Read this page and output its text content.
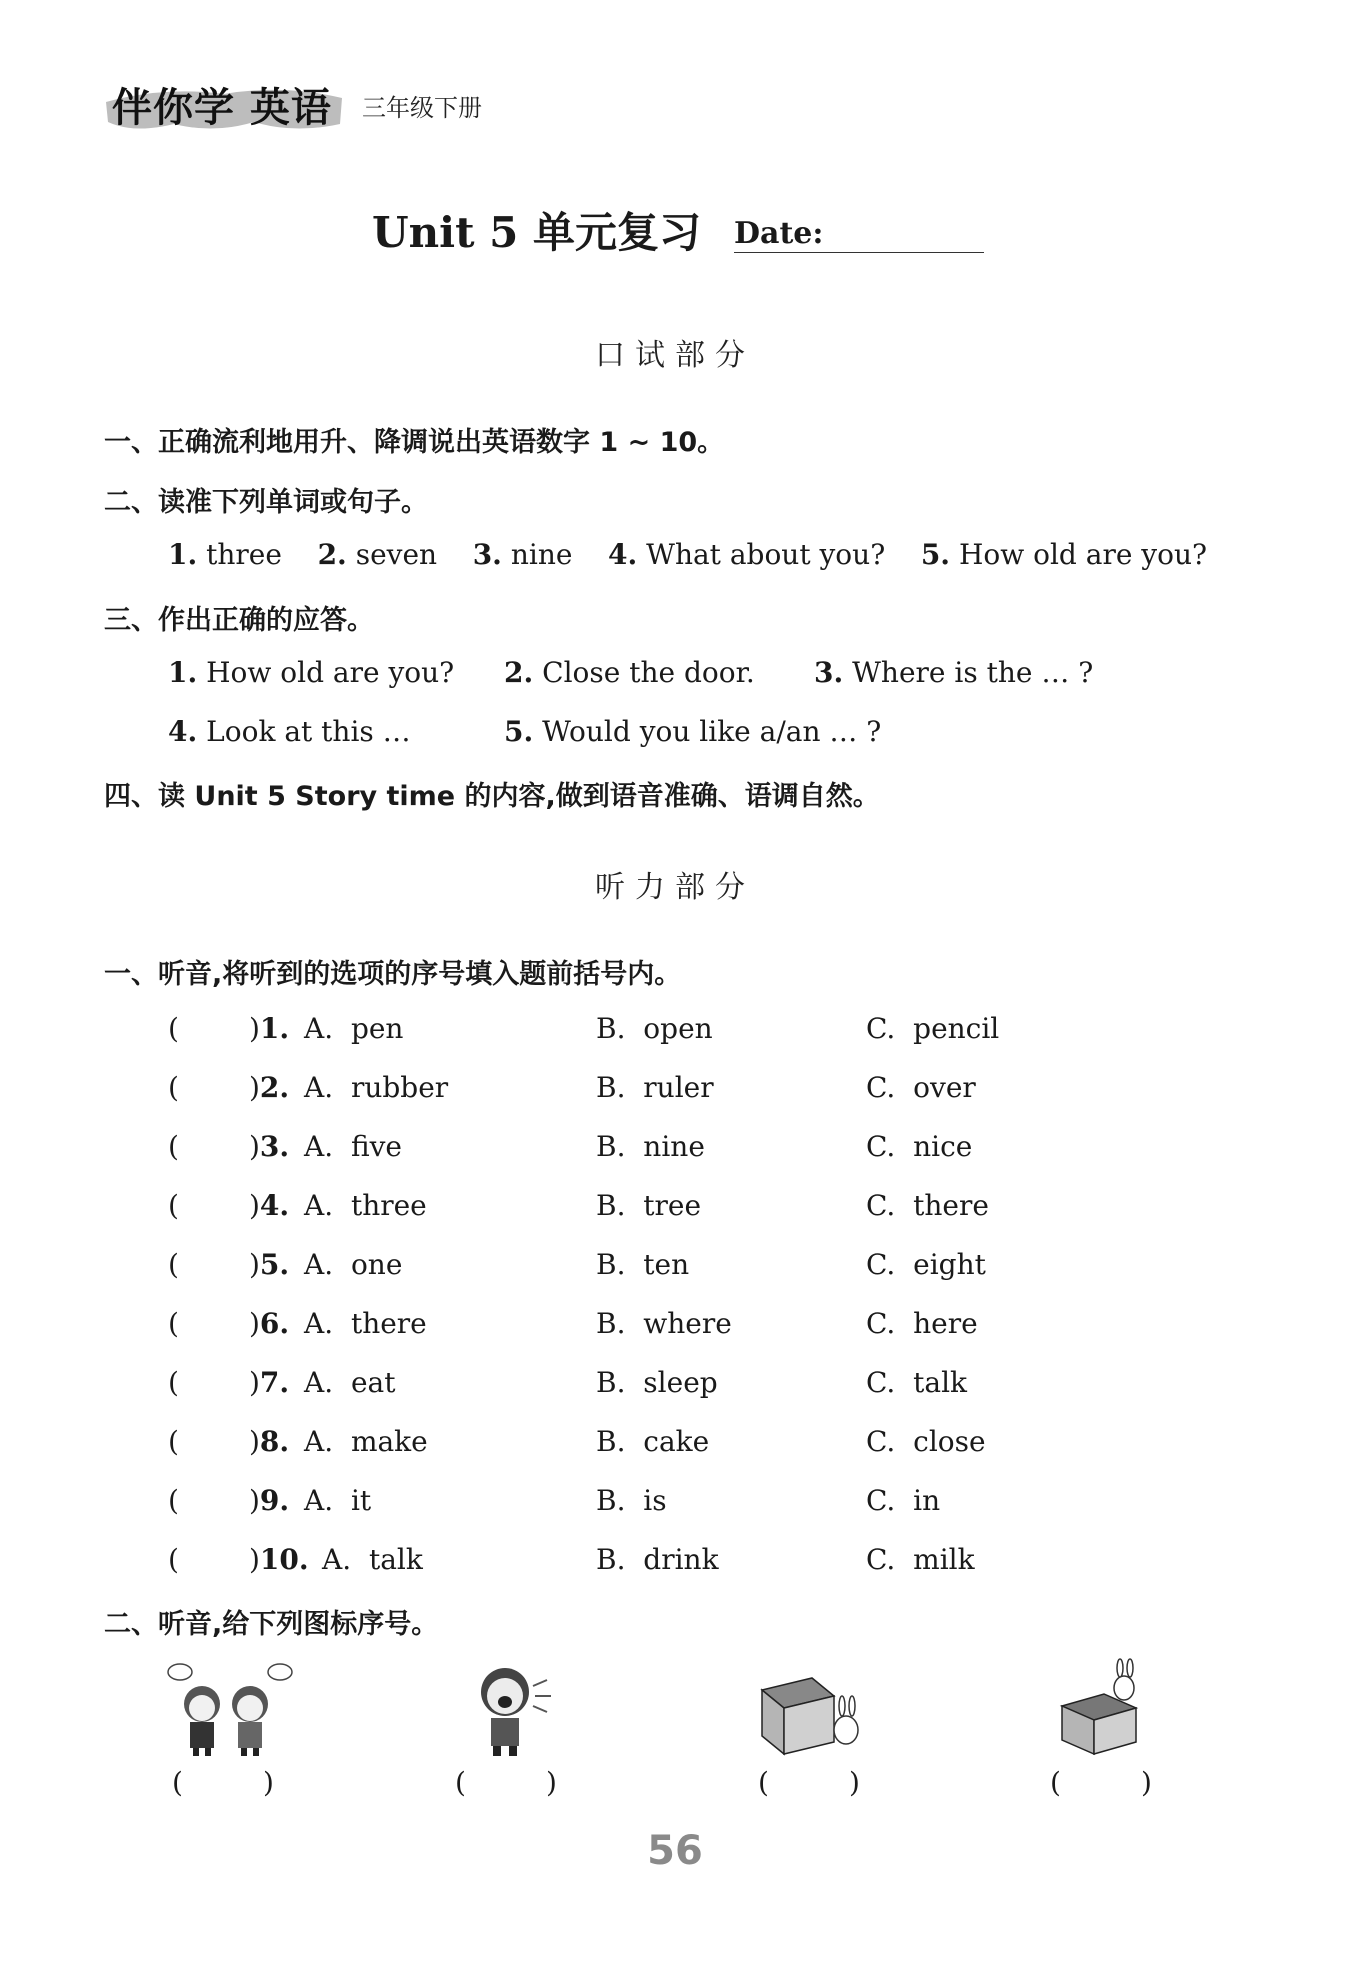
伴你学 英语 三年级下册
Unit 5 单元复习 Date:
口试部分
一、正确流利地用升、降调说出英语数字 1 ~ 10。
二、读准下列单词或句子。
1. three 2. seven 3. nine 4. What about you? 5. How old are you?
三、作出正确的应答。
1. How old are you? 2. Close the door. 3. Where is the … ?
4. Look at this …	5. Would you like a/an … ?
四、读 Unit 5 Story time 的内容,做到语音准确、语调自然。
听力部分
一、听音,将听到的选项的序号填入题前括号内。
(	)1. A. pen	B. open	C. pencil
(	)2. A. rubber	B. ruler	C. over
(	)3. A. five	B. nine	C. nice
(	)4. A. three	B. tree	C. there
(	)5. A. one	B. ten	C. eight
(	)6. A. there	B. where	C. here
(	)7. A. eat	B. sleep	C. talk
(	)8. A. make	B. cake	C. close
(	)9. A. it	B. is	C. in
(	)10. A. talk	B. drink	C. milk
二、听音,给下列图标序号。
(	)	(	)	(	)	(	)
56
